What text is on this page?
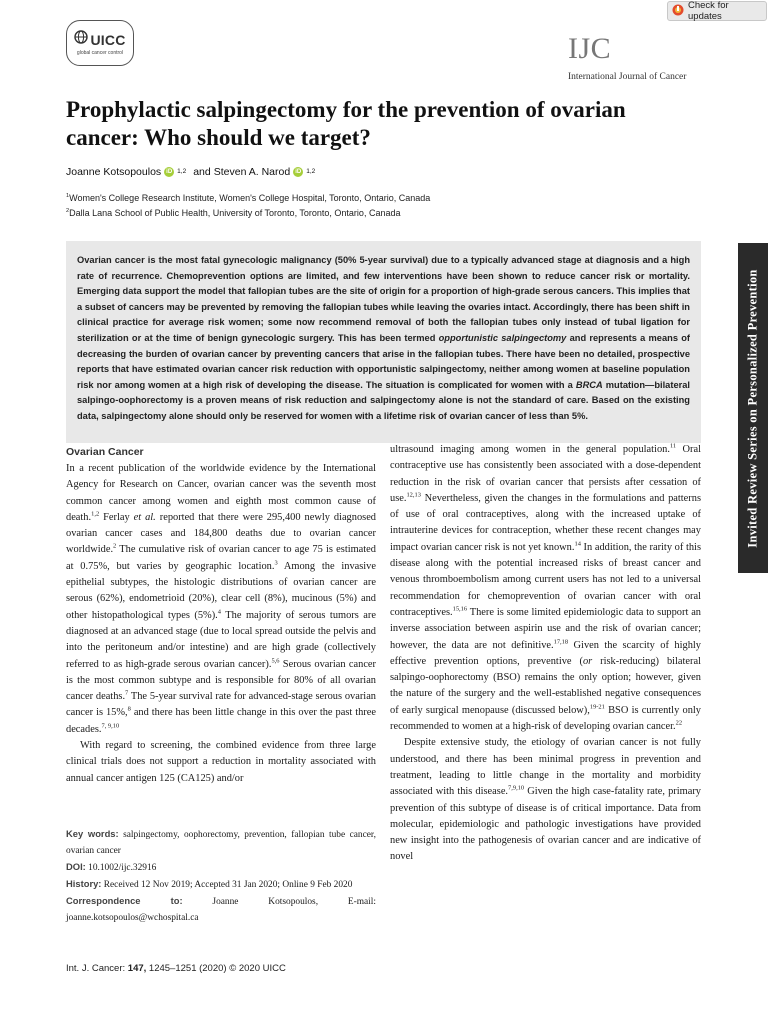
Check for updates
UICC
global cancer control	IJC
International Journal of Cancer
Prophylactic salpingectomy for the prevention of ovarian cancer: Who should we target?
Joanne Kotsopoulos iD 1,2 and Steven A. Narod iD 1,2
$^1$Women's College Research Institute, Women's College Hospital, Toronto, Ontario, Canada
$^2$Dalla Lana School of Public Health, University of Toronto, Toronto, Ontario, Canada

Ovarian cancer is the most fatal gynecologic malignancy (50% 5-year survival) due to a typically advanced stage at diagnosis and a high rate of recurrence. Chemoprevention options are limited, and few interventions have been shown to reduce cancer risk or mortality. Emerging data support the model that fallopian tubes are the site of origin for a proportion of high-grade serous cancers. This implies that a subset of cancers may be prevented by removing the fallopian tubes while leaving the ovaries intact. Accordingly, there has been shift in clinical practice for average risk women; some now recommend removal of both the fallopian tubes only instead of tubal ligation for sterilization or at the time of benign gynecologic surgery. This has been termed opportunistic salpingectomy and represents a means of decreasing the burden of ovarian cancer by preventing cancers that arise in the fallopian tubes. There have been no detailed, prospective reports that have estimated ovarian cancer risk reduction with opportunistic salpingectomy, neither among women at baseline population risk nor among women at a high risk of developing the disease. The situation is complicated for women with a BRCA mutation—bilateral salpingo-oophorectomy is a proven means of risk reduction and salpingectomy alone is not the standard of care. Based on the existing data, salpingectomy alone should only be reserved for women with a lifetime risk of ovarian cancer of less than 5%.	Invited Review Series on Personalized Prevention
Ovarian Cancer

In a recent publication of the worldwide evidence by the International Agency for Research on Cancer, ovarian cancer was the seventh most common cancer among women and eighth most common cause of death.$^{1,2}$ Ferlay et al. reported that there were 295,400 newly diagnosed ovarian cancer cases and 184,800 deaths due to ovarian cancer worldwide.$^2$ The cumulative risk of ovarian cancer to age 75 is estimated at 0.75%, but varies by geographic location.$^3$ Among the invasive epithelial subtypes, the histologic distributions of ovarian cancer are serous (62%), endometrioid (20%), clear cell (8%), mucinous (5%) and other histopathological types (5%).$^4$ The majority of serous tumors are diagnosed at an advanced stage (due to local spread outside the pelvis and into the peritoneum and/or intestine) and are high grade (collectively referred to as high-grade serous ovarian cancer).$^{5,6}$ Serous ovarian cancer is the most common subtype and is responsible for 80% of all ovarian cancer deaths.$^7$ The 5-year survival rate for advanced-stage serous ovarian cancer is 15%,$^8$ and there has been little change in this over the past three decades.$^{7, 9,10}$

With regard to screening, the combined evidence from three large clinical trials does not support a reduction in mortality associated with annual cancer antigen 125 (CA125) and/or

Key words: salpingectomy, oophorectomy, prevention, fallopian tube cancer, ovarian cancer

DOI: 10.1002/ijc.32916

History: Received 12 Nov 2019; Accepted 31 Jan 2020; Online 9 Feb 2020

Correspondence to:	Joanne Kotsopoulos, E-mail: joanne.kotsopoulos@wchospital.ca

ultrasound imaging among women in the general population.$^{11}$ Oral contraceptive use has consistently been associated with a dose-dependent reduction in the risk of ovarian cancer that persists after cessation of use.$^{12,13}$ Nevertheless, given the changes in the formulations and patterns of use of oral contraceptives, along with the increased uptake of intrauterine devices for contraception, whether these recent changes may impact ovarian cancer risk is not yet known.$^{14}$ In addition, the rarity of this disease along with the potential increased risks of breast cancer and venous thromboembolism among current users has not led to a universal recommendation for chemoprevention of ovarian cancer with oral contraceptives.$^{15,16}$ There is some limited epidemiologic data to support an inverse association between aspirin use and the risk of ovarian cancer; however, the data are not definitive.$^{17,18}$ Given the scarcity of highly effective prevention options, preventive (or risk-reducing) bilateral salpingo-oophorectomy (BSO) remains the only option; however, given the nature of the surgery and the well-established negative consequences of early surgical menopause (discussed below),$^{19-21}$ BSO is currently only recommended to women at a high-risk of developing ovarian cancer.$^{22}$

Despite extensive study, the etiology of ovarian cancer is not fully understood, and there has been minimal progress in prevention and treatment, leading to little change in the mortality and morbidity associated with this disease.$^{7,9,10}$ Given the high case-fatality rate, primary prevention of this subtype of disease is of critical importance. Data from molecular, epidemiologic and pathologic investigations have provided new insight into the pathogenesis of ovarian cancer and are indicative of novel

Int. J. Cancer: 147, 1245–1251 (2020) © 2020 UICC
